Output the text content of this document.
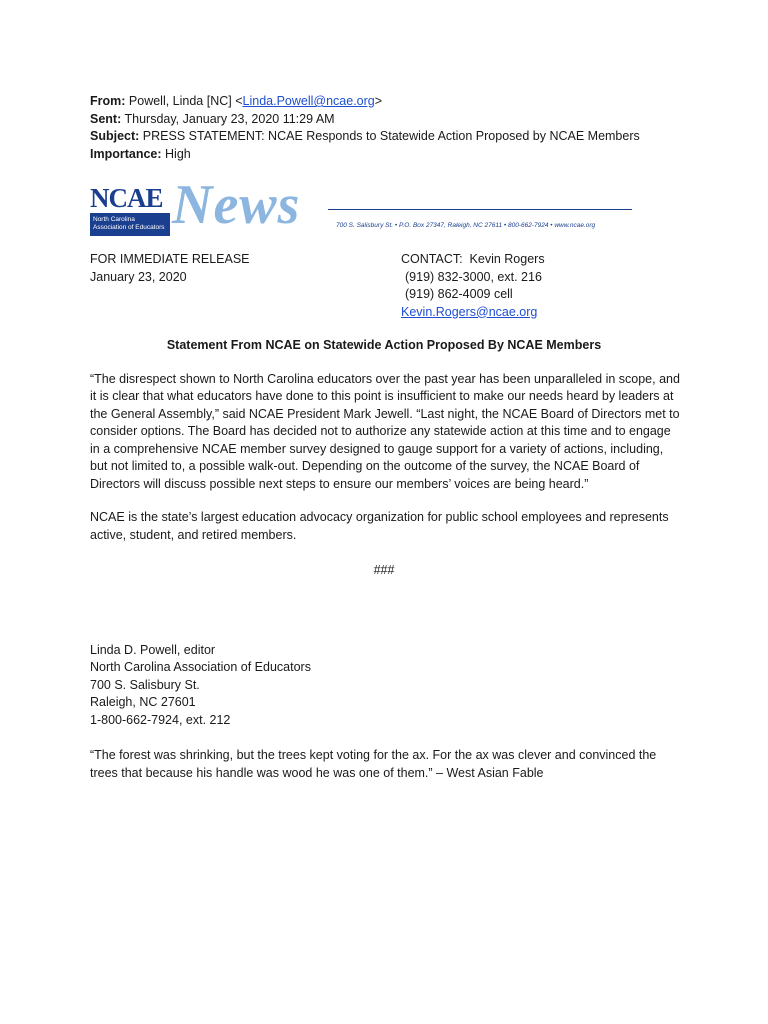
From: Powell, Linda [NC] <Linda.Powell@ncae.org>

Sent: Thursday, January 23, 2020 11:29 AM

Subject: PRESS STATEMENT: NCAE Responds to Statewide Action Proposed by NCAE Members

Importance: High

NCAE
North Carolina
Association of Educators News	700 S. Salisbury St. • P.O. Box 27347, Raleigh, NC 27611 • 800-662-7924 • www.ncae.org
FOR IMMEDIATE RELEASE
January 23, 2020
CONTACT: Kevin Rogers
(919) 832-3000, ext. 216
(919) 862-4009 cell
Kevin.Rogers@ncae.org
Statement From NCAE on Statewide Action Proposed By NCAE Members

“The disrespect shown to North Carolina educators over the past year has been unparalleled in scope, and it is clear that what educators have done to this point is insufficient to make our needs heard by leaders at the General Assembly,” said NCAE President Mark Jewell. “Last night, the NCAE Board of Directors met to consider options. The Board has decided not to authorize any statewide action at this time and to engage in a comprehensive NCAE member survey designed to gauge support for a variety of actions, including, but not limited to, a possible walk-out. Depending on the outcome of the survey, the NCAE Board of Directors will discuss possible next steps to ensure our members’ voices are being heard.”

NCAE is the state’s largest education advocacy organization for public school employees and represents active, student, and retired members.

###
Linda D. Powell, editor
North Carolina Association of Educators
700 S. Salisbury St.
Raleigh, NC 27601
1-800-662-7924, ext. 212

“The forest was shrinking, but the trees kept voting for the ax. For the ax was clever and convinced the trees that because his handle was wood he was one of them.” – West Asian Fable
